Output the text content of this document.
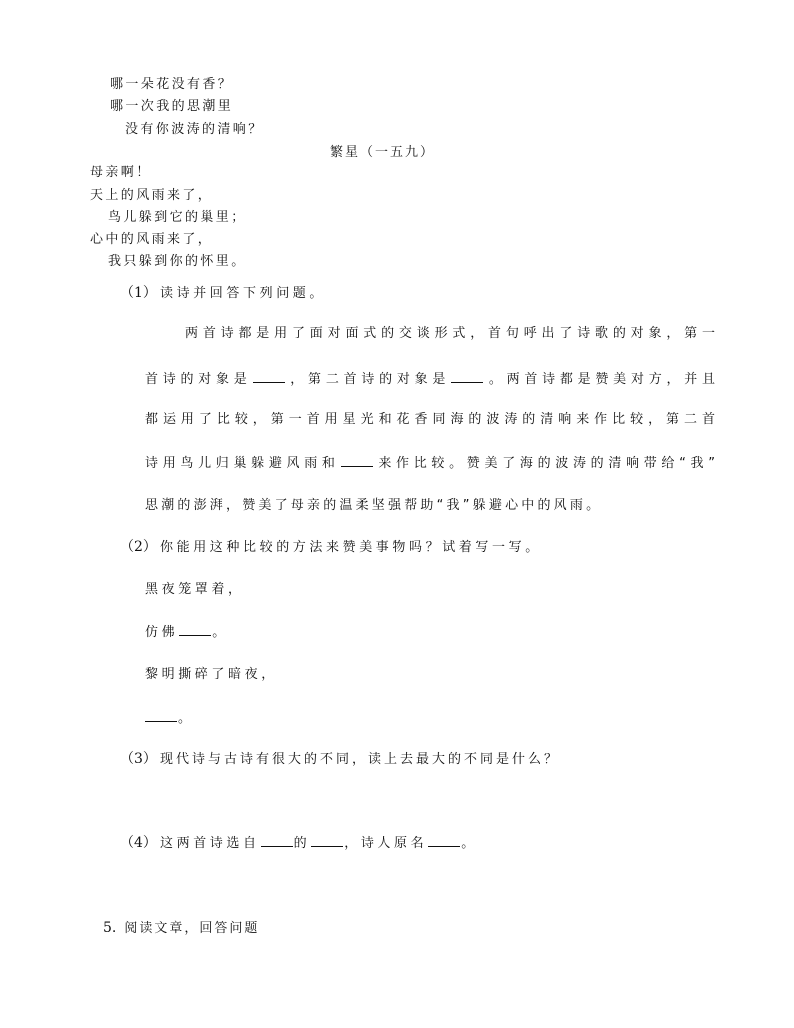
哪一朵花没有香？
哪一次我的思潮里
没有你波涛的清响？
繁星（一五九）
母亲啊！
天上的风雨来了，
鸟儿躲到它的巢里；
心中的风雨来了，
我只躲到你的怀里。
（1） 读诗并回答下列问题。
两首诗都是用了面对面式的交谈形式，首句呼出了诗歌的对象，第一
首诗的对象是	，第二首诗的对象是	。两首诗都是赞美对方，并且
都运用了比较，第一首用星光和花香同海的波涛的清响来作比较，第二首
诗用鸟儿归巢躲避风雨和	来作比较。赞美了海的波涛的清响带给“我”
思潮的澎湃，赞美了母亲的温柔坚强帮助“我”躲避心中的风雨。
（2） 你能用这种比较的方法来赞美事物吗？试着写一写。
黑夜笼罩着，
仿佛	。
黎明撕碎了暗夜，
。
（3） 现代诗与古诗有很大的不同，读上去最大的不同是什么？
（4） 这两首诗选自	的	，诗人原名	。
5. 阅读文章，回答问题
